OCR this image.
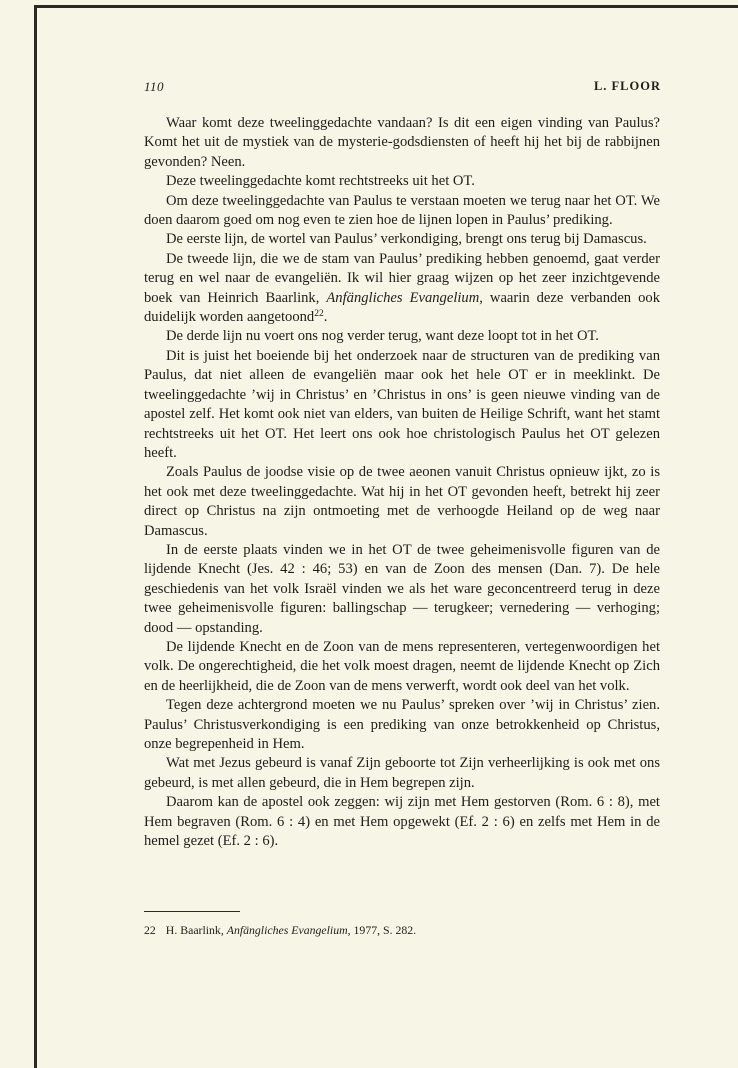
110	L. FLOOR

Waar komt deze tweelinggedachte vandaan? Is dit een eigen vinding van Paulus? Komt het uit de mystiek van de mysterie-godsdiensten of heeft hij het bij de rabbijnen gevonden? Neen.

Deze tweelinggedachte komt rechtstreeks uit het OT.

Om deze tweelinggedachte van Paulus te verstaan moeten we terug naar het OT. We doen daarom goed om nog even te zien hoe de lijnen lopen in Paulus’ prediking.

De eerste lijn, de wortel van Paulus’ verkondiging, brengt ons terug bij Damascus.

De tweede lijn, die we de stam van Paulus’ prediking hebben genoemd, gaat verder terug en wel naar de evangeliën. Ik wil hier graag wijzen op het zeer inzichtgevende boek van Heinrich Baarlink, Anfängliches Evangelium, waarin deze verbanden ook duidelijk worden aangetoond$^{22}$.

De derde lijn nu voert ons nog verder terug, want deze loopt tot in het OT.

Dit is juist het boeiende bij het onderzoek naar de structuren van de prediking van Paulus, dat niet alleen de evangeliën maar ook het hele OT er in meeklinkt. De tweelinggedachte ’wij in Christus’ en ’Christus in ons’ is geen nieuwe vinding van de apostel zelf. Het komt ook niet van elders, van buiten de Heilige Schrift, want het stamt rechtstreeks uit het OT. Het leert ons ook hoe christologisch Paulus het OT gelezen heeft.

Zoals Paulus de joodse visie op de twee aeonen vanuit Christus opnieuw ijkt, zo is het ook met deze tweelinggedachte. Wat hij in het OT gevonden heeft, betrekt hij zeer direct op Christus na zijn ontmoeting met de verhoogde Heiland op de weg naar Damascus.

In de eerste plaats vinden we in het OT de twee geheimenisvolle figuren van de lijdende Knecht (Jes. 42 : 46; 53) en van de Zoon des mensen (Dan. 7). De hele geschiedenis van het volk Israël vinden we als het ware geconcentreerd terug in deze twee geheimenisvolle figuren: ballingschap — terugkeer; vernedering — verhoging; dood — opstanding.

De lijdende Knecht en de Zoon van de mens representeren, vertegenwoordigen het volk. De ongerechtigheid, die het volk moest dragen, neemt de lijdende Knecht op Zich en de heerlijkheid, die de Zoon van de mens verwerft, wordt ook deel van het volk.

Tegen deze achtergrond moeten we nu Paulus’ spreken over ’wij in Christus’ zien. Paulus’ Christusverkondiging is een prediking van onze betrokkenheid op Christus, onze begrepenheid in Hem.

Wat met Jezus gebeurd is vanaf Zijn geboorte tot Zijn verheerlijking is ook met ons gebeurd, is met allen gebeurd, die in Hem begrepen zijn.

Daarom kan de apostel ook zeggen: wij zijn met Hem gestorven (Rom. 6 : 8), met Hem begraven (Rom. 6 : 4) en met Hem opgewekt (Ef. 2 : 6) en zelfs met Hem in de hemel gezet (Ef. 2 : 6).

22 H. Baarlink, Anfängliches Evangelium, 1977, S. 282.
